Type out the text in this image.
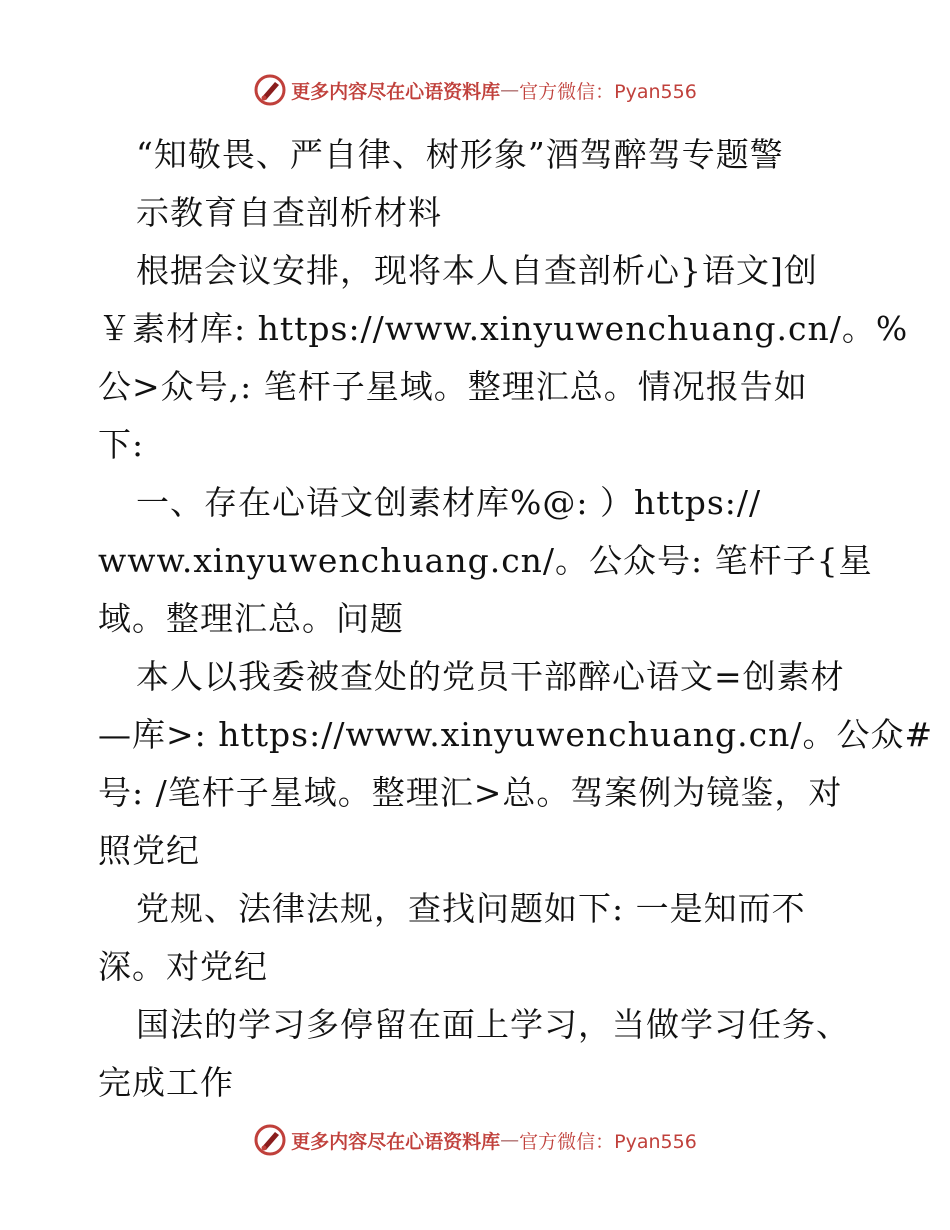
更多内容尽在心语资料库 — 官方微信：Pyan556

“知敬畏、严自律、树形象”酒驾醉驾专题警

示教育自查剖析材料

根据会议安排，现将本人自查剖析心}语文]创

￥素材库: https://www.xinyuwenchuang.cn/。%

公>众号,: 笔杆子星域。整理汇总。情况报告如

下:

一、存在心语文创素材库%@: ）https://

www.xinyuwenchuang.cn/。公众号: 笔杆子{星

域。整理汇总。问题

本人以我委被查处的党员干部醉心语文=创素材

—库>: https://www.xinyuwenchuang.cn/。公众#

号: /笔杆子星域。整理汇>总。驾案例为镜鉴，对

照党纪

党规、法律法规，查找问题如下: 一是知而不

深。对党纪

国法的学习多停留在面上学习，当做学习任务、

完成工作

更多内容尽在心语资料库 — 官方微信：Pyan556
